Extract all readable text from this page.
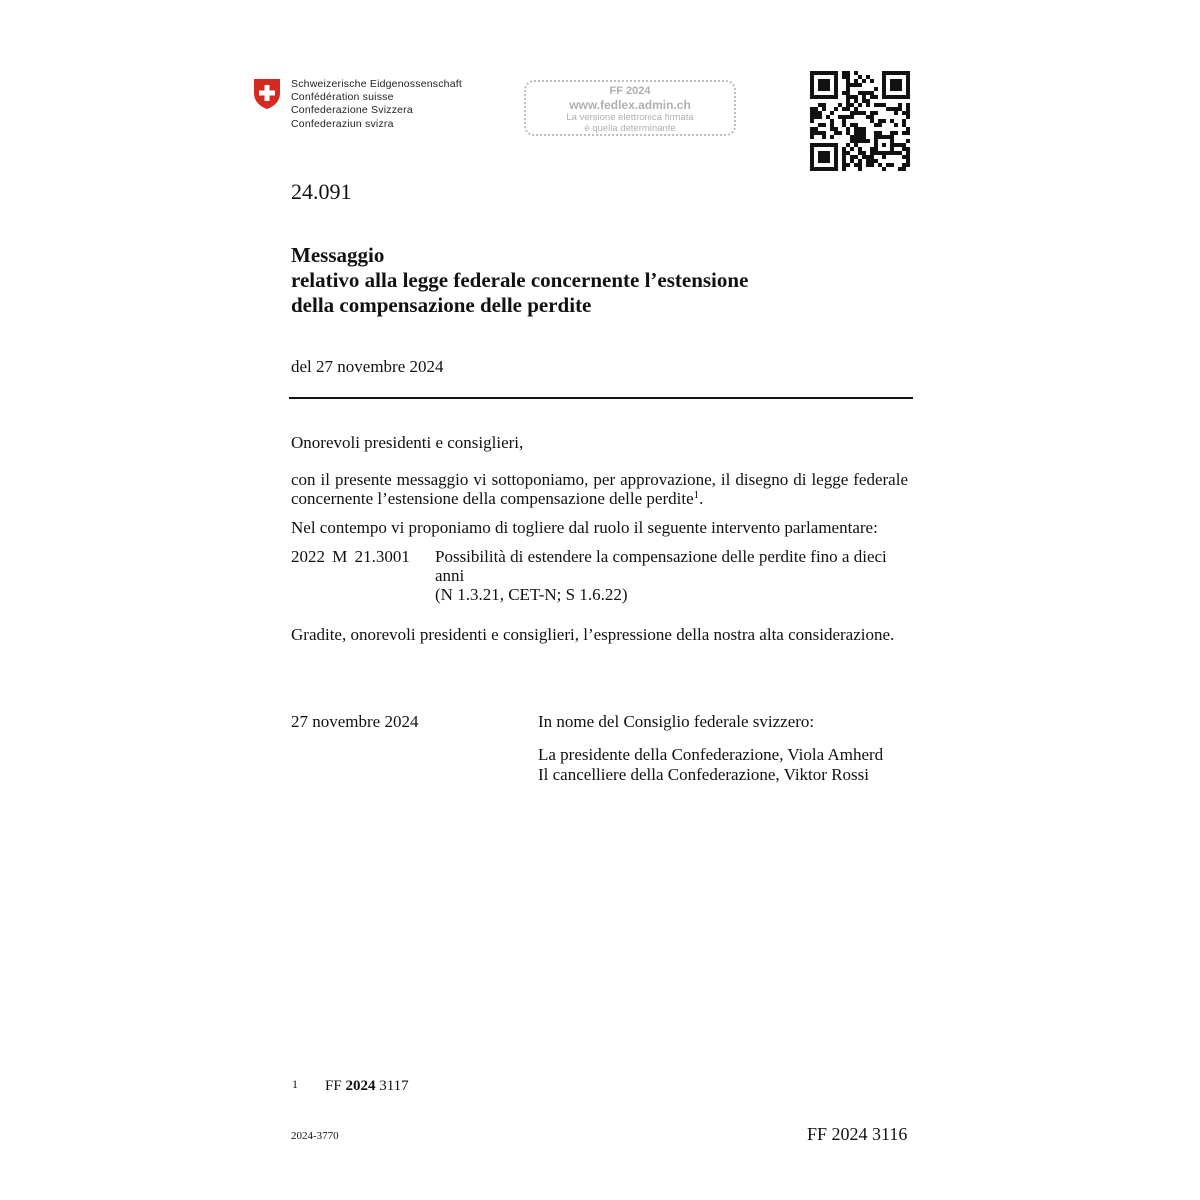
Schweizerische Eidgenossenschaft
Confédération suisse
Confederazione Svizzera
Confederaziun svizra
FF 2024
www.fedlex.admin.ch
La versione elettronica firmata
è quella determinante
24.091
Messaggio
relativo alla legge federale concernente l’estensione
della compensazione delle perdite
del 27 novembre 2024
Onorevoli presidenti e consiglieri,
con il presente messaggio vi sottoponiamo, per approvazione, il disegno di legge federale concernente l’estensione della compensazione delle perdite$^1$.
Nel contempo vi proponiamo di togliere dal ruolo il seguente intervento parlamentare:
2022 M 21.3001 Possibilità di estendere la compensazione delle perdite fino a dieci anni
(N 1.3.21, CET-N; S 1.6.22)
Gradite, onorevoli presidenti e consiglieri, l’espressione della nostra alta considerazione.
27 novembre 2024	In nome del Consiglio federale svizzero:
La presidente della Confederazione, Viola Amherd
Il cancelliere della Confederazione, Viktor Rossi
1 FF 2024 3117
2024-3770	FF 2024 3116
